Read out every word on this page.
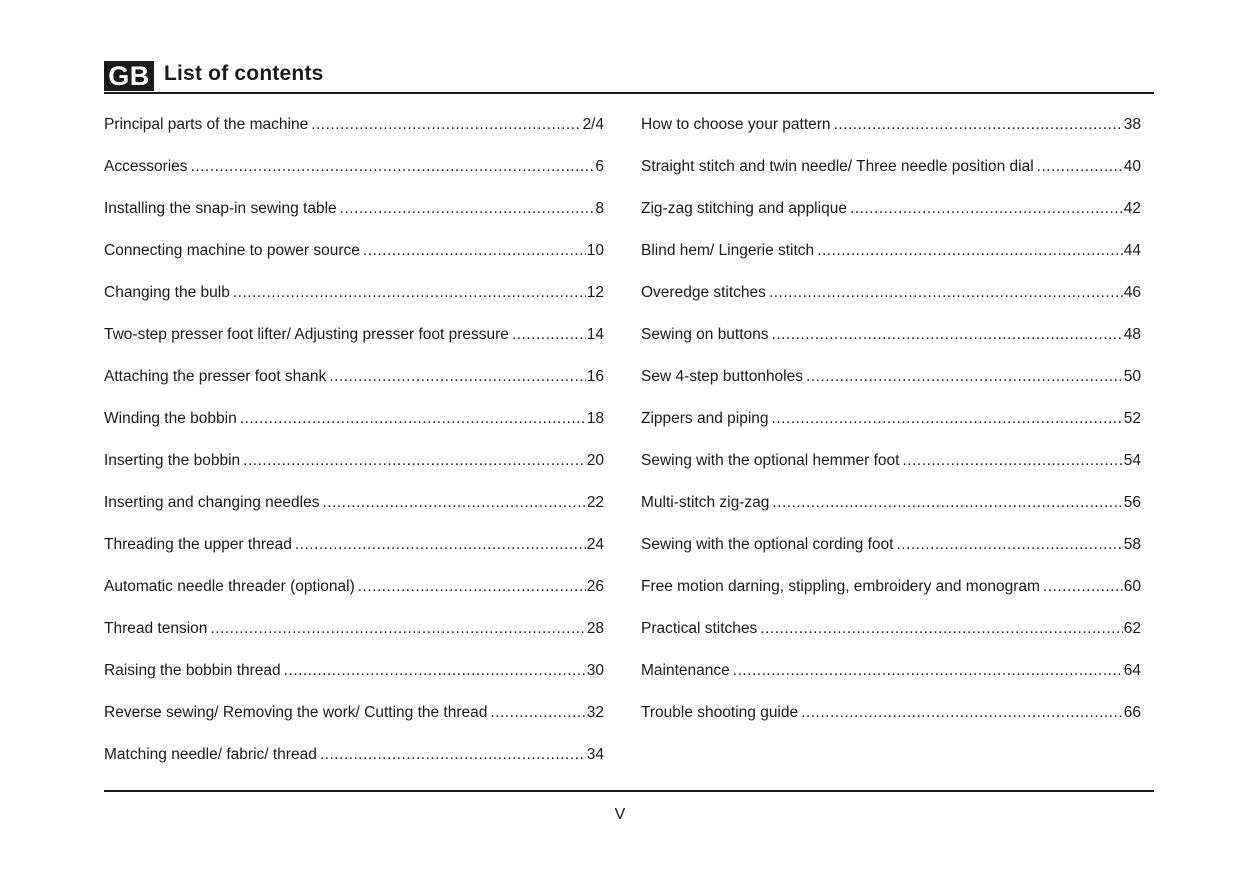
GB List of contents
Principal parts of the machine .....	2/4
Accessories .....	6
Installing the snap-in sewing table .....	8
Connecting machine to power source .....	10
Changing the bulb .....	12
Two-step presser foot lifter/ Adjusting presser foot pressure .....	14
Attaching the presser foot shank .....	16
Winding the bobbin .....	18
Inserting the bobbin .....	20
Inserting and changing needles .....	22
Threading the upper thread .....	24
Automatic needle threader (optional) .....	26
Thread tension .....	28
Raising the bobbin thread .....	30
Reverse sewing/ Removing the work/ Cutting the thread .....	32
Matching needle/ fabric/ thread .....	34
How to choose your pattern .....	38
Straight stitch and twin needle/ Three needle position dial .....	40
Zig-zag stitching and applique .....	42
Blind hem/ Lingerie stitch .....	44
Overedge stitches .....	46
Sewing on buttons .....	48
Sew 4-step buttonholes .....	50
Zippers and piping .....	52
Sewing with the optional hemmer foot .....	54
Multi-stitch zig-zag .....	56
Sewing with the optional cording foot .....	58
Free motion darning, stippling, embroidery and monogram .....	60
Practical stitches .....	62
Maintenance .....	64
Trouble shooting guide .....	66
V
